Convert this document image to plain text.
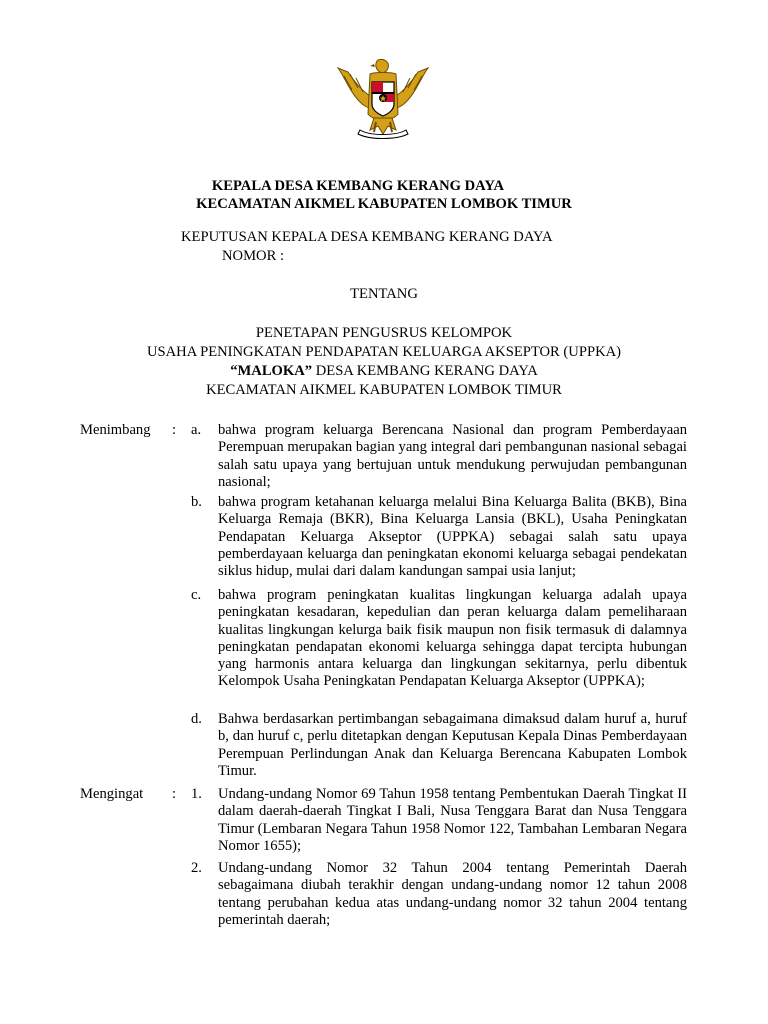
KEPALA DESA KEMBANG KERANG DAYA
KECAMATAN AIKMEL KABUPATEN LOMBOK TIMUR
KEPUTUSAN KEPALA DESA KEMBANG KERANG DAYA
NOMOR :
TENTANG
PENETAPAN PENGUSRUS KELOMPOK
USAHA PENINGKATAN PENDAPATAN KELUARGA AKSEPTOR (UPPKA)
“MALOKA” DESA KEMBANG KERANG DAYA
KECAMATAN AIKMEL KABUPATEN LOMBOK TIMUR
Menimbang : a. bahwa program keluarga Berencana Nasional dan program Pemberdayaan Perempuan merupakan bagian yang integral dari pembangunan nasional sebagai salah satu upaya yang bertujuan untuk mendukung perwujudan pembangunan nasional;

b. bahwa program ketahanan keluarga melalui Bina Keluarga Balita (BKB), Bina Keluarga Remaja (BKR), Bina Keluarga Lansia (BKL), Usaha Peningkatan Pendapatan Keluarga Akseptor (UPPKA) sebagai salah satu upaya pemberdayaan keluarga dan peningkatan ekonomi keluarga sebagai pendekatan siklus hidup, mulai dari dalam kandungan sampai usia lanjut;

c. bahwa program peningkatan kualitas lingkungan keluarga adalah upaya peningkatan kesadaran, kepedulian dan peran keluarga dalam pemeliharaan kualitas lingkungan kelurga baik fisik maupun non fisik termasuk di dalamnya peningkatan pendapatan ekonomi keluarga sehingga dapat tercipta hubungan yang harmonis antara keluarga dan lingkungan sekitarnya, perlu dibentuk Kelompok Usaha Peningkatan Pendapatan Keluarga Akseptor (UPPKA);

d. Bahwa berdasarkan pertimbangan sebagaimana dimaksud dalam huruf a, huruf b, dan huruf c, perlu ditetapkan dengan Keputusan Kepala Dinas Pemberdayaan Perempuan Perlindungan Anak dan Keluarga Berencana Kabupaten Lombok Timur.

Mengingat : 1. Undang-undang Nomor 69 Tahun 1958 tentang Pembentukan Daerah Tingkat II dalam daerah-daerah Tingkat I Bali, Nusa Tenggara Barat dan Nusa Tenggara Timur (Lembaran Negara Tahun 1958 Nomor 122, Tambahan Lembaran Negara Nomor 1655);

2. Undang-undang Nomor 32 Tahun 2004 tentang Pemerintah Daerah sebagaimana diubah terakhir dengan undang-undang nomor 12 tahun 2008 tentang perubahan kedua atas undang-undang nomor 32 tahun 2004 tentang pemerintah daerah;
